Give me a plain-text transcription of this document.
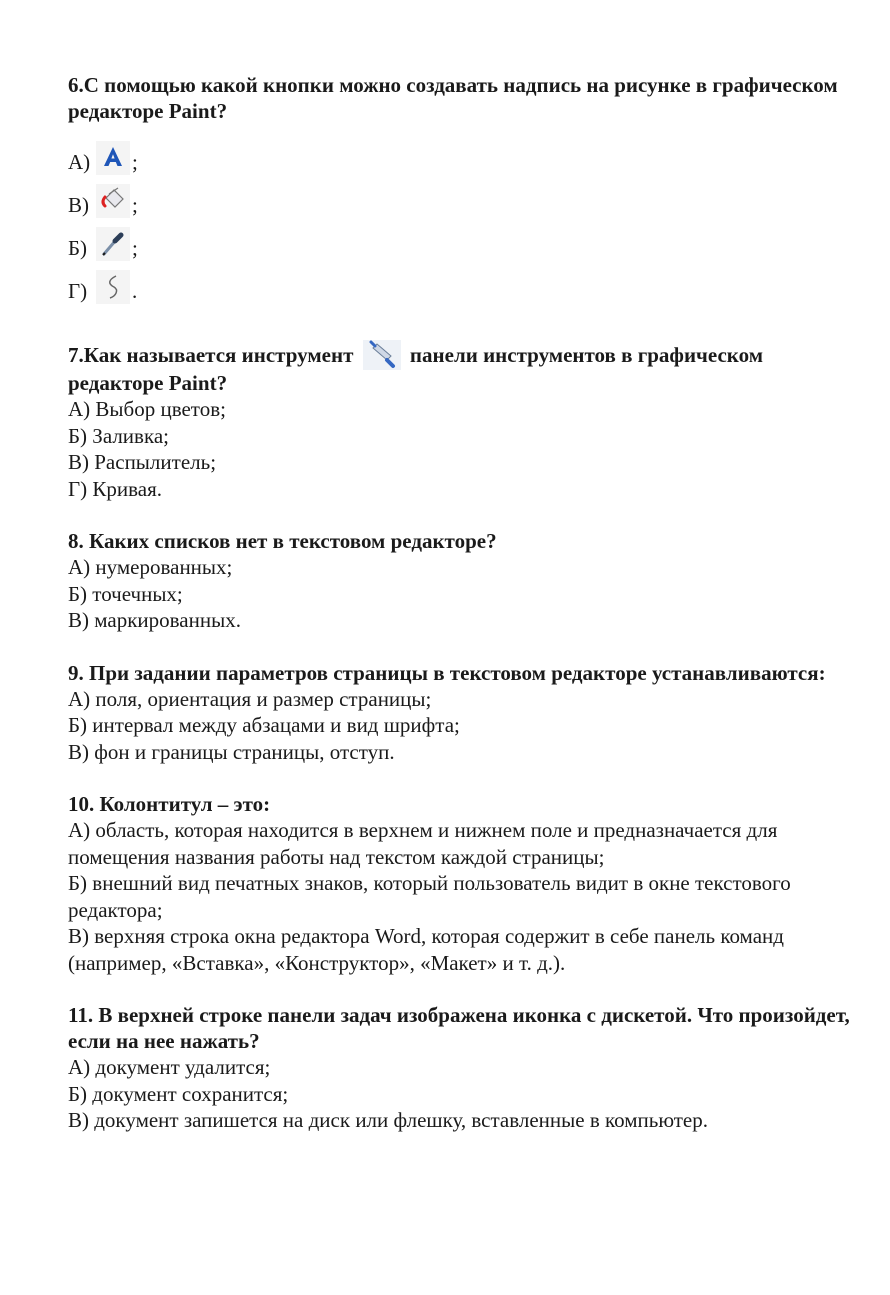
6.С помощью какой кнопки можно создавать надпись на рисунке в графическом редакторе Paint?

А) ;
В)	;
Б)	;
Г)	.

7.Как называется инструмент	панели инструментов в графическом редакторе Paint?

А) Выбор цветов;

Б) Заливка;

В) Распылитель;

Г) Кривая.

8. Каких списков нет в текстовом редакторе?

А) нумерованных;

Б) точечных;

В) маркированных.

9. При задании параметров страницы в текстовом редакторе устанавливаются:

А) поля, ориентация и размер страницы;

Б) интервал между абзацами и вид шрифта;

В) фон и границы страницы, отступ.

10. Колонтитул – это:

А) область, которая находится в верхнем и нижнем поле и предназначается для помещения названия работы над текстом каждой страницы;

Б) внешний вид печатных знаков, который пользователь видит в окне текстового редактора;

В) верхняя строка окна редактора Word, которая содержит в себе панель команд (например, «Вставка», «Конструктор», «Макет» и т. д.).

11. В верхней строке панели задач изображена иконка с дискетой. Что произойдет, если на нее нажать?

А) документ удалится;

Б) документ сохранится;

В) документ запишется на диск или флешку, вставленные в компьютер.
